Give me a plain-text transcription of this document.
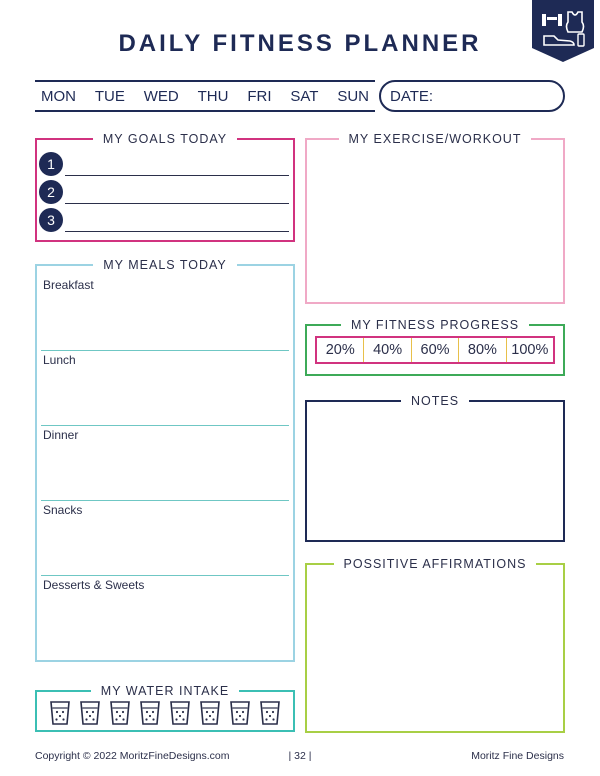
DAILY FITNESS PLANNER
MON TUE WED THU FRI SAT SUN DATE:
MY GOALS TODAY
1
2
3
MY MEALS TODAY
Breakfast
Lunch
Dinner
Snacks
Desserts & Sweets
MY EXERCISE/WORKOUT
MY FITNESS PROGRESS
20%	40%	60%	80% 100%
NOTES
POSSITIVE AFFIRMATIONS
MY WATER INTAKE
Copyright © 2022 MoritzFineDesigns.com	| 32 |	Moritz Fine Designs
